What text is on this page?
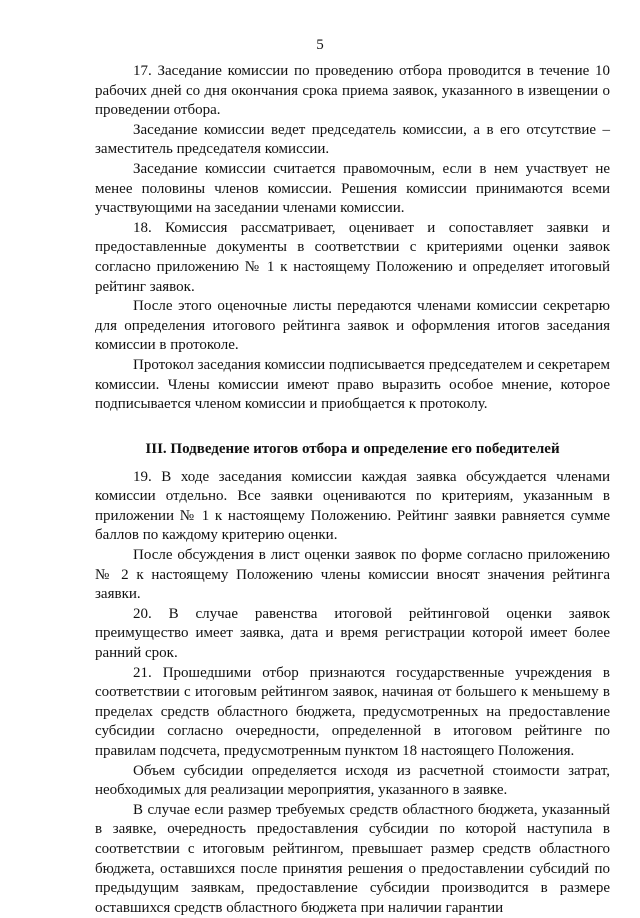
5

17. Заседание комиссии по проведению отбора проводится в течение 10 рабочих дней со дня окончания срока приема заявок, указанного в извещении о проведении отбора.

Заседание комиссии ведет председатель комиссии, а в его отсутствие – заместитель председателя комиссии.

Заседание комиссии считается правомочным, если в нем участвует не менее половины членов комиссии. Решения комиссии принимаются всеми участвующими на заседании членами комиссии.

18. Комиссия рассматривает, оценивает и сопоставляет заявки и предоставленные документы в соответствии с критериями оценки заявок согласно приложению № 1 к настоящему Положению и определяет итоговый рейтинг заявок.

После этого оценочные листы передаются членами комиссии секретарю для определения итогового рейтинга заявок и оформления итогов заседания комиссии в протоколе.

Протокол заседания комиссии подписывается председателем и секретарем комиссии. Члены комиссии имеют право выразить особое мнение, которое подписывается членом комиссии и приобщается к протоколу.

III. Подведение итогов отбора и определение его победителей

19. В ходе заседания комиссии каждая заявка обсуждается членами комиссии отдельно. Все заявки оцениваются по критериям, указанным в приложении № 1 к настоящему Положению. Рейтинг заявки равняется сумме баллов по каждому критерию оценки.

После обсуждения в лист оценки заявок по форме согласно приложению № 2 к настоящему Положению члены комиссии вносят значения рейтинга заявки.

20. В случае равенства итоговой рейтинговой оценки заявок преимущество имеет заявка, дата и время регистрации которой имеет более ранний срок.

21. Прошедшими отбор признаются государственные учреждения в соответствии с итоговым рейтингом заявок, начиная от большего к меньшему в пределах средств областного бюджета, предусмотренных на предоставление субсидии согласно очередности, определенной в итоговом рейтинге по правилам подсчета, предусмотренным пунктом 18 настоящего Положения.

Объем субсидии определяется исходя из расчетной стоимости затрат, необходимых для реализации мероприятия, указанного в заявке.

В случае если размер требуемых средств областного бюджета, указанный в заявке, очередность предоставления субсидии по которой наступила в соответствии с итоговым рейтингом, превышает размер средств областного бюджета, оставшихся после принятия решения о предоставлении субсидий по предыдущим заявкам, предоставление субсидии производится в размере оставшихся средств областного бюджета при наличии гарантии
